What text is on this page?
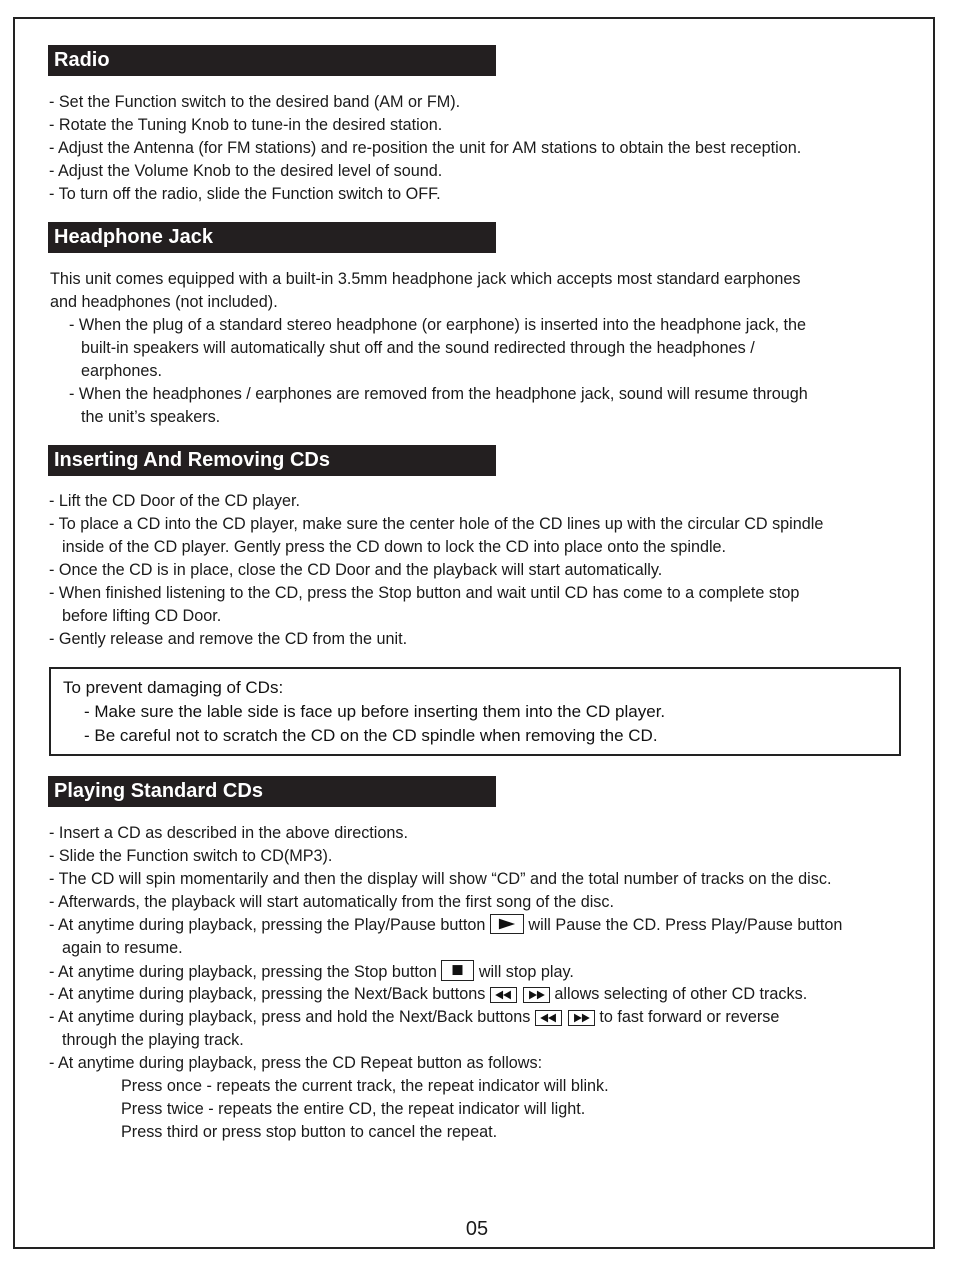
Radio
- Set the Function switch to the desired band (AM or FM).
- Rotate the Tuning Knob to tune-in the desired station.
- Adjust the Antenna (for FM stations) and re-position the unit for AM stations to obtain the best reception.
- Adjust the Volume Knob to the desired level of sound.
- To turn off the radio, slide the Function switch to OFF.
Headphone Jack
This unit comes equipped with a built-in 3.5mm headphone jack which accepts most standard earphones
and headphones (not included).
- When the plug of a standard stereo headphone (or earphone) is inserted into the headphone jack, the
built-in speakers will automatically shut off and the sound redirected through the headphones /
earphones.
- When the headphones / earphones are removed from the headphone jack, sound will resume through
the unit’s speakers.
Inserting And Removing CDs
- Lift the CD Door of the CD player.
- To place a CD into the CD player, make sure the center hole of the CD lines up with the circular CD spindle
inside of the CD player. Gently press the CD down to lock the CD into place onto the spindle.
- Once the CD is in place, close the CD Door and the playback will start automatically.
- When finished listening to the CD, press the Stop button and wait until CD has come to a complete stop
before lifting CD Door.
- Gently release and remove the CD from the unit.
To prevent damaging of CDs:
- Make sure the lable side is face up before inserting them into the CD player.
- Be careful not to scratch the CD on the CD spindle when removing the CD.
Playing Standard CDs
- Insert a CD as described in the above directions.
- Slide the Function switch to CD(MP3).
- The CD will spin momentarily and then the display will show “CD” and the total number of tracks on the disc.
- Afterwards, the playback will start automatically from the first song of the disc.
- At anytime during playback, pressing the Play/Pause button
will Pause the CD. Press Play/Pause button
again to resume.
- At anytime during playback, pressing the Stop button
will stop play.
- At anytime during playback, pressing the Next/Back buttons	allows selecting of other CD tracks.
- At anytime during playback, press and hold the Next/Back buttons	to fast forward or reverse
through the playing track.
- At anytime during playback, press the CD Repeat button as follows:
Press once - repeats the current track, the repeat indicator will blink.
Press twice - repeats the entire CD, the repeat indicator will light.
Press third or press stop button to cancel the repeat.
05
